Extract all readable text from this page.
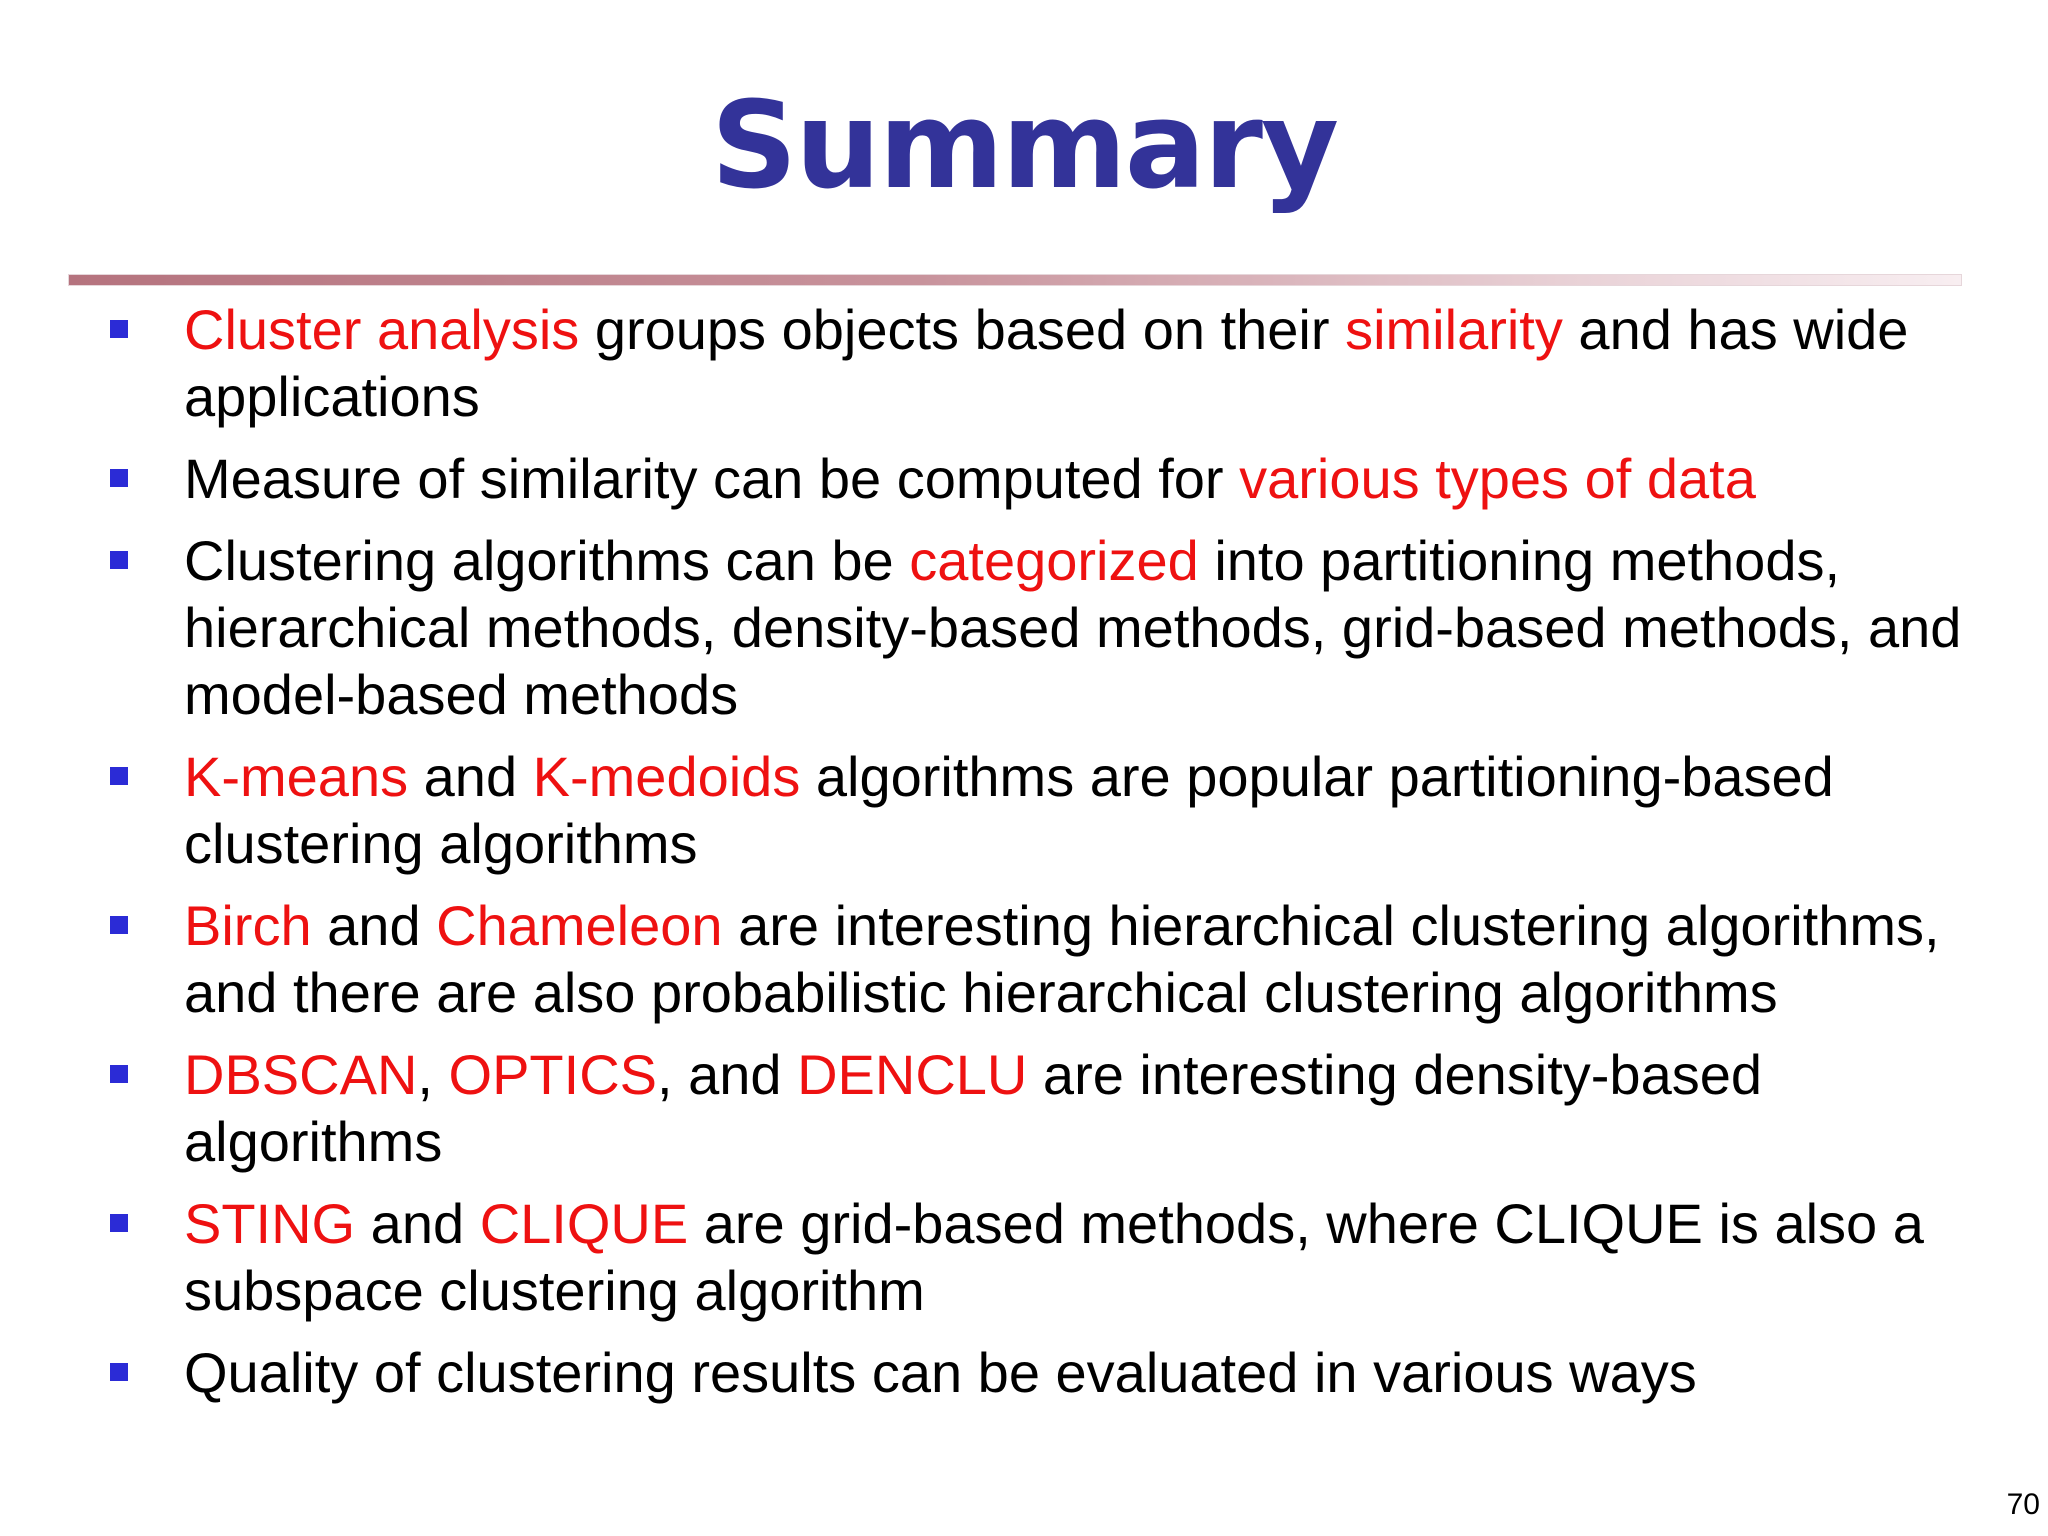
Summary
Cluster analysis groups objects based on their similarity and has wide applications
Measure of similarity can be computed for various types of data
Clustering algorithms can be categorized into partitioning methods, hierarchical methods, density-based methods, grid-based methods, and model-based methods
K-means and K-medoids algorithms are popular partitioning-based clustering algorithms
Birch and Chameleon are interesting hierarchical clustering algorithms, and there are also probabilistic hierarchical clustering algorithms
DBSCAN, OPTICS, and DENCLU are interesting density-based algorithms
STING and CLIQUE are grid-based methods, where CLIQUE is also a subspace clustering algorithm
Quality of clustering results can be evaluated in various ways
70
